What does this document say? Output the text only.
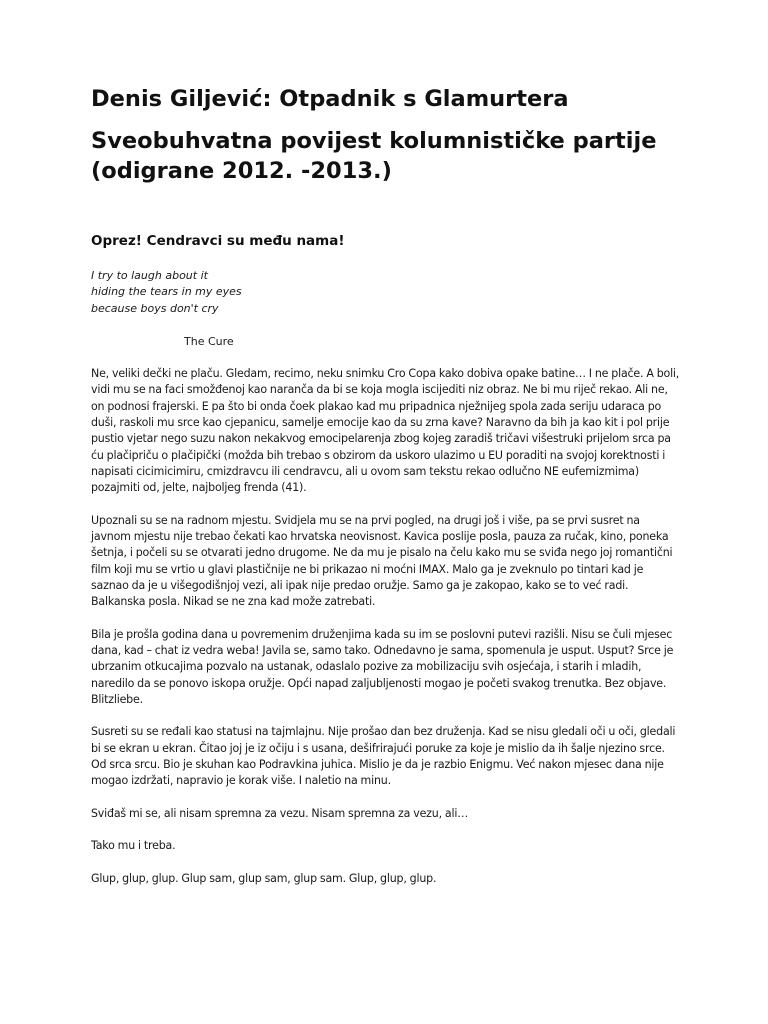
Denis Giljević: Otpadnik s Glamurtera
Sveobuhvatna povijest kolumnističke partije (odigrane 2012. -2013.)
Oprez! Cendravci su među nama!
I try to laugh about it
hiding the tears in my eyes
because boys don't cry
The Cure

Ne, veliki dečki ne plaču. Gledam, recimo, neku snimku Cro Copa kako dobiva opake batine… I ne plače. A boli, vidi mu se na faci smožđenoj kao naranča da bi se koja mogla iscijediti niz obraz. Ne bi mu riječ rekao. Ali ne, on podnosi frajerski. E pa što bi onda čoek plakao kad mu pripadnica nježnijeg spola zada seriju udaraca po duši, raskoli mu srce kao cjepanicu, samelje emocije kao da su zrna kave? Naravno da bih ja kao kit i pol prije pustio vjetar nego suzu nakon nekakvog emocipelarenja zbog kojeg zaradiš tričavi višestruki prijelom srca pa ću plačipriču o plačipički (možda bih trebao s obzirom da uskoro ulazimo u EU poraditi na svojoj korektnosti i napisati cicimicimiru, cmizdravcu ili cendravcu, ali u ovom sam tekstu rekao odlučno NE eufemizmima) pozajmiti od, jelte, najboljeg frenda (41).

Upoznali su se na radnom mjestu. Svidjela mu se na prvi pogled, na drugi još i više, pa se prvi susret na javnom mjestu nije trebao čekati kao hrvatska neovisnost. Kavica poslije posla, pauza za ručak, kino, poneka šetnja, i počeli su se otvarati jedno drugome. Ne da mu je pisalo na čelu kako mu se sviđa nego joj romantični film koji mu se vrtio u glavi plastičnije ne bi prikazao ni moćni IMAX. Malo ga je zveknulo po tintari kad je saznao da je u višegodišnjoj vezi, ali ipak nije predao oružje. Samo ga je zakopao, kako se to već radi. Balkanska posla. Nikad se ne zna kad može zatrebati.

Bila je prošla godina dana u povremenim druženjima kada su im se poslovni putevi razišli. Nisu se čuli mjesec dana, kad – chat iz vedra weba! Javila se, samo tako. Odnedavno je sama, spomenula je usput. Usput? Srce je ubrzanim otkucajima pozvalo na ustanak, odaslalo pozive za mobilizaciju svih osjećaja, i starih i mladih, naredilo da se ponovo iskopa oružje. Opći napad zaljubljenosti mogao je početi svakog trenutka. Bez objave. Blitzliebe.

Susreti su se ređali kao statusi na tajmlajnu. Nije prošao dan bez druženja. Kad se nisu gledali oči u oči, gledali bi se ekran u ekran. Čitao joj je iz očiju i s usana, dešifrirajući poruke za koje je mislio da ih šalje njezino srce. Od srca srcu. Bio je skuhan kao Podravkina juhica. Mislio je da je razbio Enigmu. Već nakon mjesec dana nije mogao izdržati, napravio je korak više. I naletio na minu.

Sviđaš mi se, ali nisam spremna za vezu. Nisam spremna za vezu, ali…

Tako mu i treba.

Glup, glup, glup. Glup sam, glup sam, glup sam. Glup, glup, glup.
